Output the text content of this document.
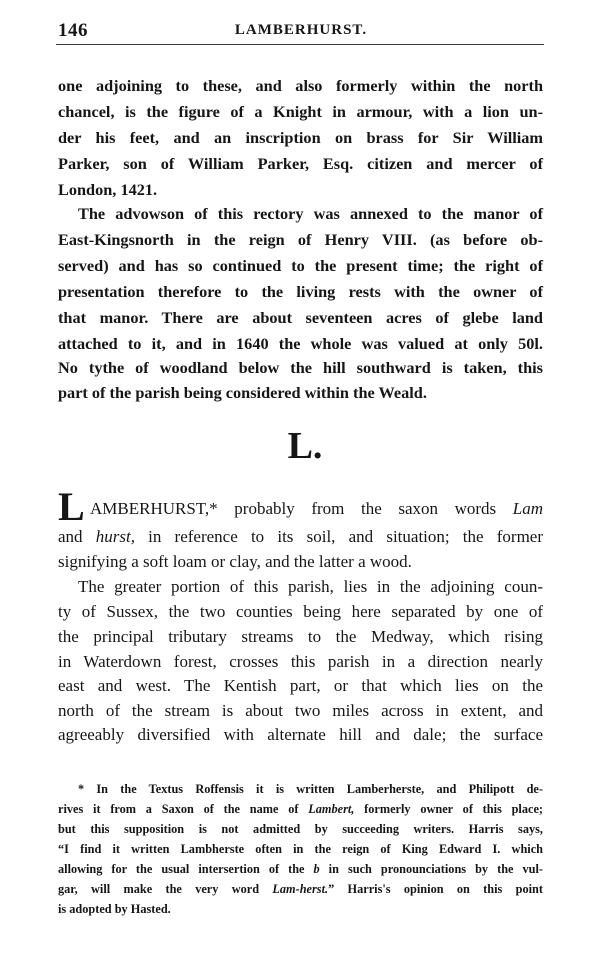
146	LAMBERHURST.
one adjoining to these, and also formerly within the north
chancel, is the figure of a Knight in armour, with a lion un-
der his feet, and an inscription on brass for Sir William
Parker, son of William Parker, Esq. citizen and mercer of
London, 1421.
The advowson of this rectory was annexed to the manor of
East-Kingsnorth in the reign of Henry VIII. (as before ob-
served) and has so continued to the present time; the right of
presentation therefore to the living rests with the owner of
that manor. There are about seventeen acres of glebe land
attached to it, and in 1640 the whole was valued at only 50l.
No tythe of woodland below the hill southward is taken, this
part of the parish being considered within the Weald.
L.
L AMBERHURST,* probably from the saxon words Lam
and hurst, in reference to its soil, and situation; the former
signifying a soft loam or clay, and the latter a wood.
The greater portion of this parish, lies in the adjoining coun-
ty of Sussex, the two counties being here separated by one of
the principal tributary streams to the Medway, which rising
in Waterdown forest, crosses this parish in a direction nearly
east and west. The Kentish part, or that which lies on the
north of the stream is about two miles across in extent, and
agreeably diversified with alternate hill and dale; the surface
* In the Textus Roffensis it is written Lamberherste, and Philipott de-
rives it from a Saxon of the name of Lambert, formerly owner of this place;
but this supposition is not admitted by succeeding writers. Harris says,
“I find it written Lambherste often in the reign of King Edward I. which
allowing for the usual intersertion of the b in such pronounciations by the vul-
gar, will make the very word Lam-herst.” Harris's opinion on this point
is adopted by Hasted.
